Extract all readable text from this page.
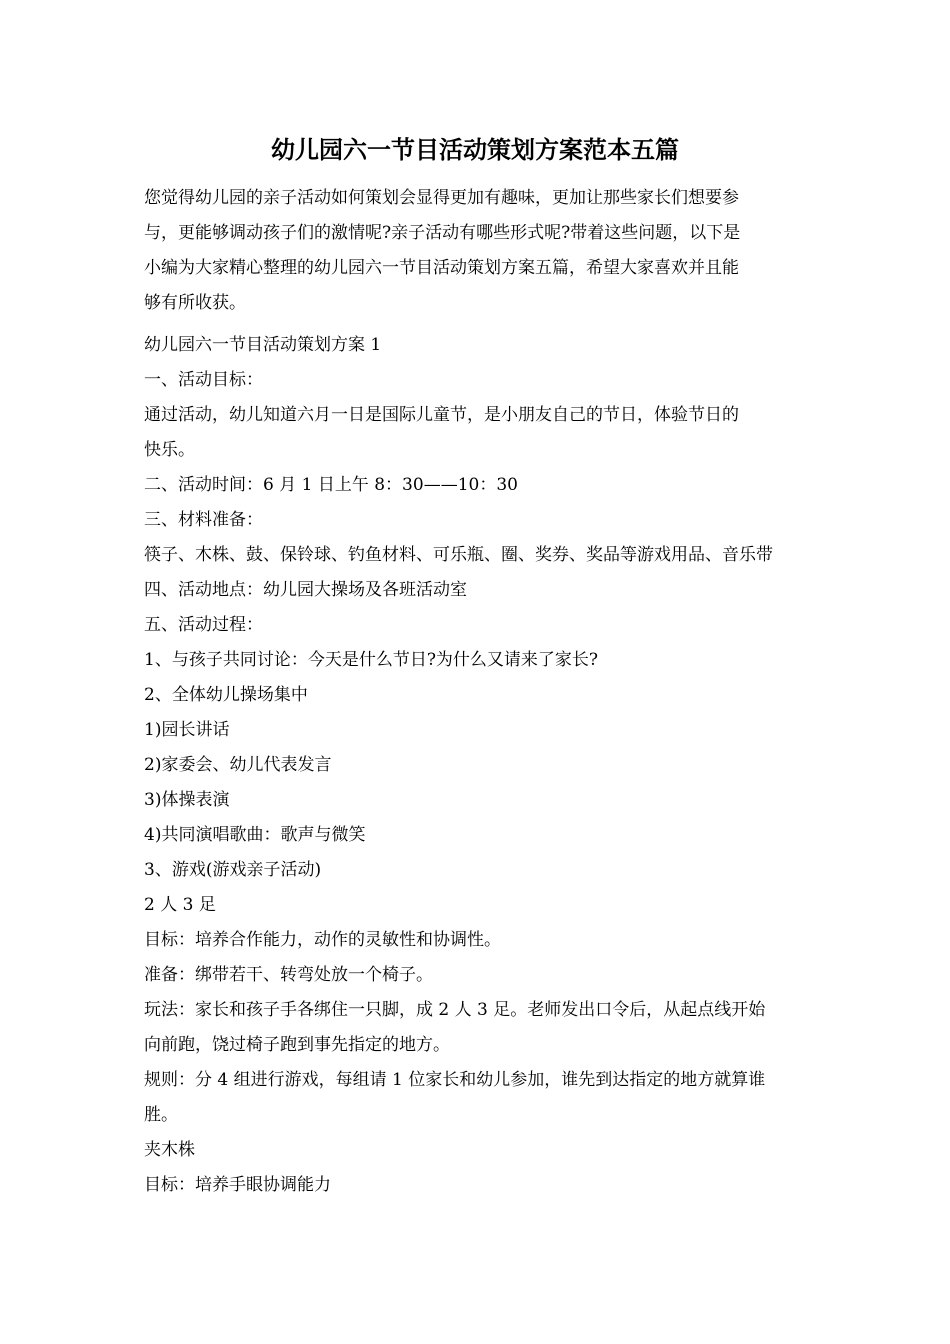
幼儿园六一节目活动策划方案范本五篇
您觉得幼儿园的亲子活动如何策划会显得更加有趣味，更加让那些家长们想要参
与，更能够调动孩子们的激情呢?亲子活动有哪些形式呢?带着这些问题，以下是
小编为大家精心整理的幼儿园六一节目活动策划方案五篇，希望大家喜欢并且能
够有所收获。
幼儿园六一节目活动策划方案 1
一、活动目标：
通过活动，幼儿知道六月一日是国际儿童节，是小朋友自己的节日，体验节日的
快乐。
二、活动时间：6 月 1 日上午 8：30——10：30
三、材料准备：
筷子、木株、鼓、保铃球、钓鱼材料、可乐瓶、圈、奖券、奖品等游戏用品、音乐带
四、活动地点：幼儿园大操场及各班活动室
五、活动过程：
1、与孩子共同讨论：今天是什么节日?为什么又请来了家长?
2、全体幼儿操场集中
1)园长讲话
2)家委会、幼儿代表发言
3)体操表演
4)共同演唱歌曲：歌声与微笑
3、游戏(游戏亲子活动)
2 人 3 足
目标：培养合作能力，动作的灵敏性和协调性。
准备：绑带若干、转弯处放一个椅子。
玩法：家长和孩子手各绑住一只脚，成 2 人 3 足。老师发出口令后，从起点线开始
向前跑，饶过椅子跑到事先指定的地方。
规则：分 4 组进行游戏，每组请 1 位家长和幼儿参加，谁先到达指定的地方就算谁
胜。
夹木株
目标：培养手眼协调能力
